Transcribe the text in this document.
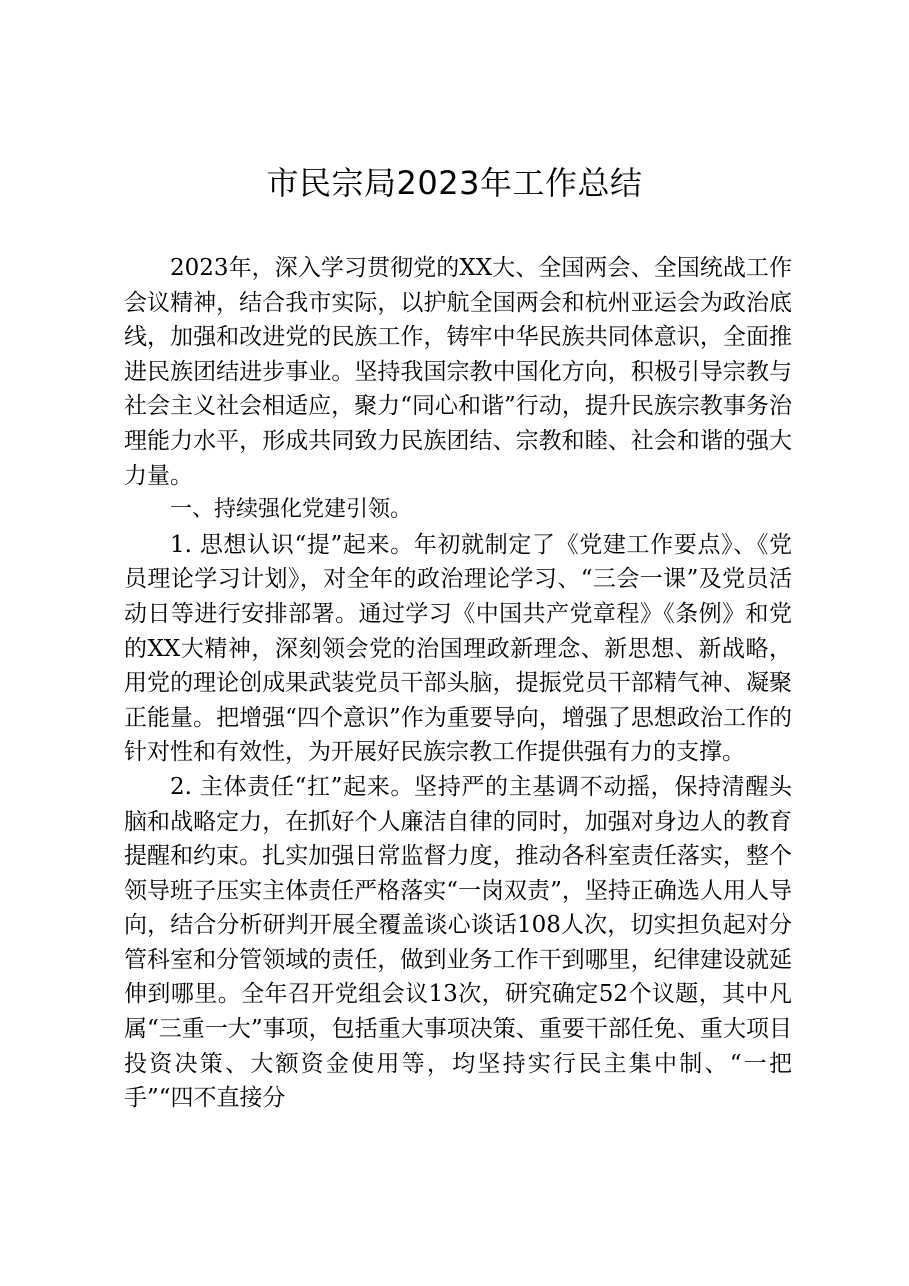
市民宗局2023年工作总结

2023年，深入学习贯彻党的XX大、全国两会、全国统战工作会议精神，结合我市实际，以护航全国两会和杭州亚运会为政治底线，加强和改进党的民族工作，铸牢中华民族共同体意识，全面推进民族团结进步事业。坚持我国宗教中国化方向，积极引导宗教与社会主义社会相适应，聚力“同心和谐”行动，提升民族宗教事务治理能力水平，形成共同致力民族团结、宗教和睦、社会和谐的强大力量。

一、持续强化党建引领。

1. 思想认识“提”起来。年初就制定了《党建工作要点》、《党员理论学习计划》，对全年的政治理论学习、“三会一课”及党员活动日等进行安排部署。通过学习《中国共产党章程》《条例》和党的XX大精神，深刻领会党的治国理政新理念、新思想、新战略，用党的理论创成果武装党员干部头脑，提振党员干部精气神、凝聚正能量。把增强“四个意识”作为重要导向，增强了思想政治工作的针对性和有效性，为开展好民族宗教工作提供强有力的支撑。

2. 主体责任“扛”起来。坚持严的主基调不动摇，保持清醒头脑和战略定力，在抓好个人廉洁自律的同时，加强对身边人的教育提醒和约束。扎实加强日常监督力度，推动各科室责任落实，整个领导班子压实主体责任严格落实“一岗双责”，坚持正确选人用人导向，结合分析研判开展全覆盖谈心谈话108人次，切实担负起对分管科室和分管领域的责任，做到业务工作干到哪里，纪律建设就延伸到哪里。全年召开党组会议13次，研究确定52个议题，其中凡属“三重一大”事项，包括重大事项决策、重要干部任免、重大项目投资决策、大额资金使用等，均坚持实行民主集中制、“一把手”“四不直接分
